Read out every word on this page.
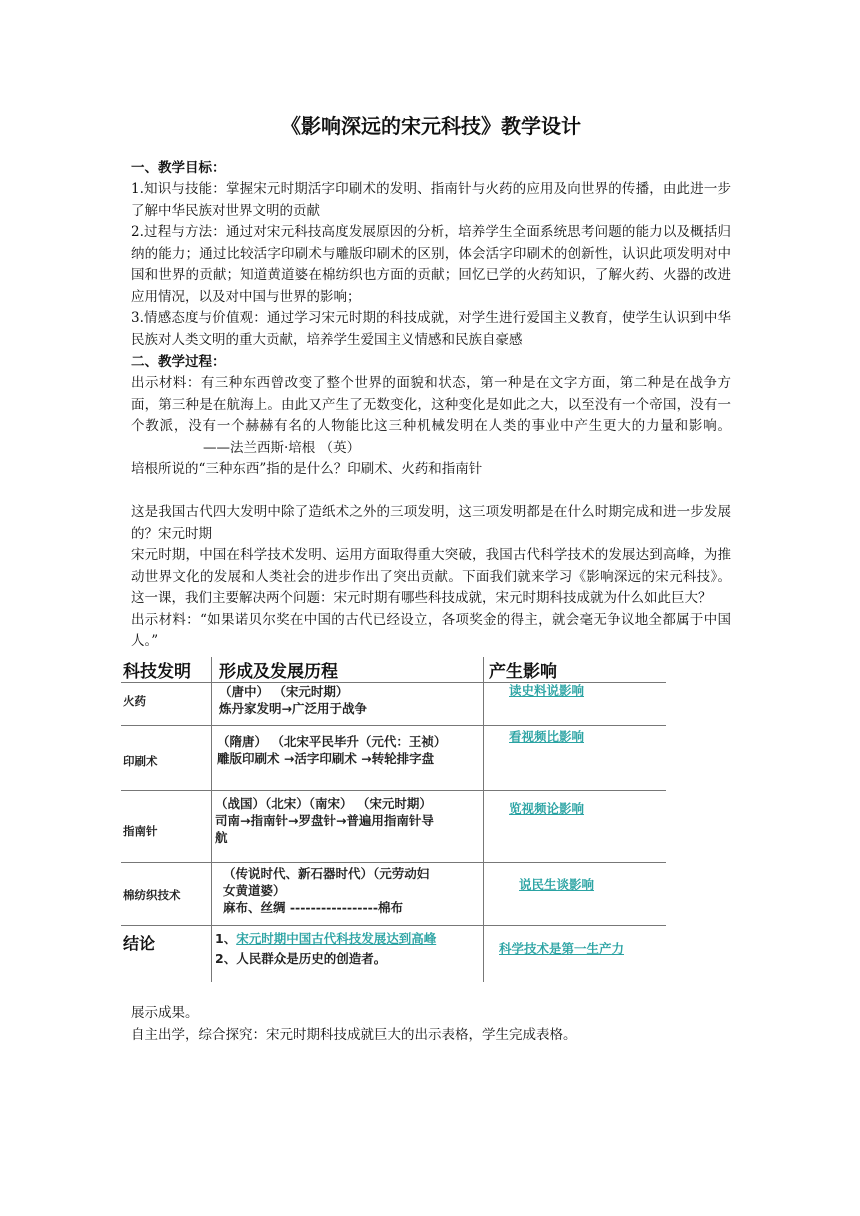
《影响深远的宋元科技》教学设计
一、教学目标：
1.知识与技能：掌握宋元时期活字印刷术的发明、指南针与火药的应用及向世界的传播，由此进一步了解中华民族对世界文明的贡献
2.过程与方法：通过对宋元科技高度发展原因的分析，培养学生全面系统思考问题的能力以及概括归纳的能力；通过比较活字印刷术与雕版印刷术的区别，体会活字印刷术的创新性，认识此项发明对中国和世界的贡献；知道黄道婆在棉纺织也方面的贡献；回忆已学的火药知识，了解火药、火器的改进应用情况，以及对中国与世界的影响；
3.情感态度与价值观：通过学习宋元时期的科技成就，对学生进行爱国主义教育，使学生认识到中华民族对人类文明的重大贡献，培养学生爱国主义情感和民族自豪感
二、教学过程：
出示材料：有三种东西曾改变了整个世界的面貌和状态，第一种是在文字方面，第二种是在战争方面，第三种是在航海上。由此又产生了无数变化，这种变化是如此之大，以至没有一个帝国，没有一个教派，没有一个赫赫有名的人物能比这三种机械发明在人类的事业中产生更大的力量和影响。——法兰西斯·培根 （英）
培根所说的“三种东西”指的是什么？印刷术、火药和指南针
这是我国古代四大发明中除了造纸术之外的三项发明，这三项发明都是在什么时期完成和进一步发展的？宋元时期
宋元时期，中国在科学技术发明、运用方面取得重大突破，我国古代科学技术的发展达到高峰，为推动世界文化的发展和人类社会的进步作出了突出贡献。下面我们就来学习《影响深远的宋元科技》。这一课，我们主要解决两个问题：宋元时期有哪些科技成就，宋元时期科技成就为什么如此巨大？
出示材料：“如果诺贝尔奖在中国的古代已经设立，各项奖金的得主，就会毫无争议地全都属于中国人。”
科技发明 形成及发展历程	产生影响
火药
（唐中） （宋元时期）
炼丹家发明→广泛用于战争
读史料说影响
印刷术
（隋唐） （北宋平民毕升（元代：王祯）
雕版印刷术 →活字印刷术 →转轮排字盘
看视频比影响
指南针
（战国）（北宋）（南宋） （宋元时期）
司南→指南针→罗盘针→普遍用指南针导
航
览视频论影响
棉纺织技术
（传说时代、新石器时代）（元劳动妇
女黄道婆）
麻布、丝绸 -----------------棉布
说民生谈影响
结论	1、宋元时期中国古代科技发展达到高峰
2、人民群众是历史的创造者。
科学技术是第一生产力
展示成果。
自主出学，综合探究：宋元时期科技成就巨大的出示表格，学生完成表格。
